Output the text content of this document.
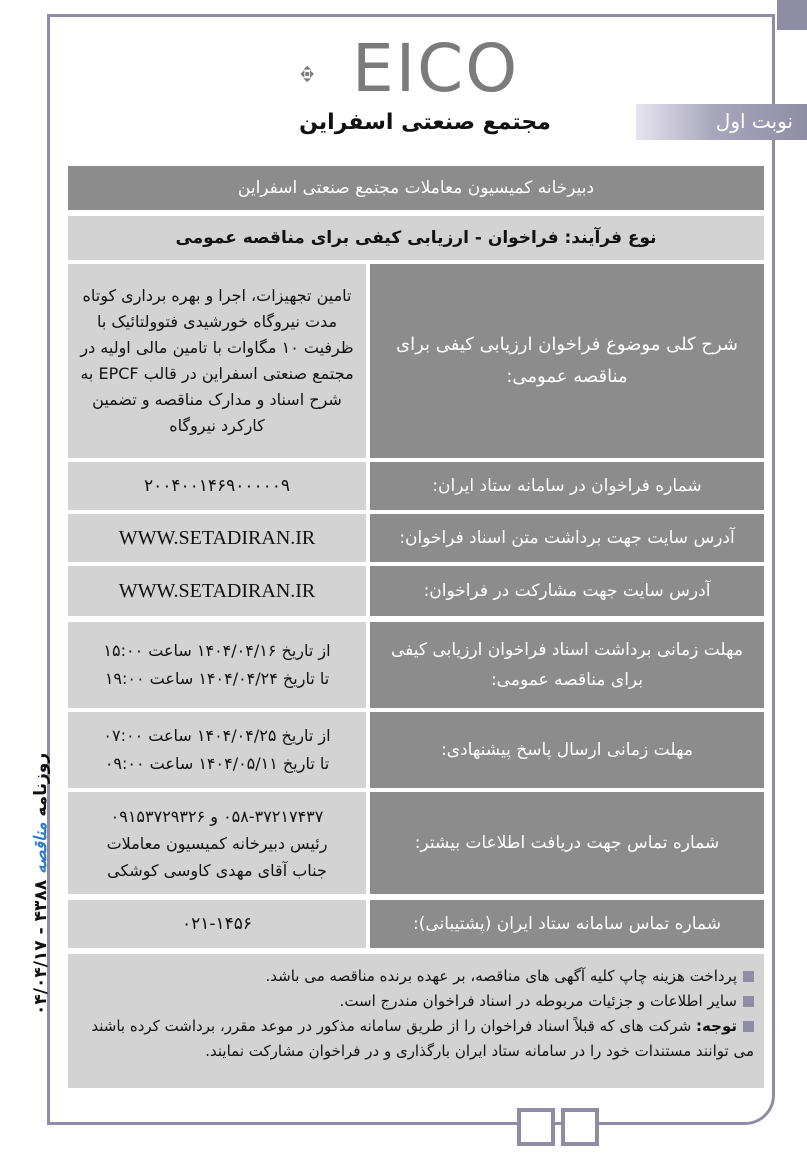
EICO
مجتمع صنعتی اسفراین	نوبت اول
دبیرخانه کمیسیون معاملات مجتمع صنعتی اسفراین
نوع فرآیند: فراخوان - ارزیابی کیفی برای مناقصه عمومی
شرح کلی موضوع فراخوان ارزیابی کیفی برای مناقصه عمومی:
تامین تجهیزات، اجرا و بهره برداری کوتاه مدت نیروگاه خورشیدی فتوولتائیک با ظرفیت ۱۰ مگاوات با تامین مالی اولیه در مجتمع صنعتی اسفراین در قالب EPCF به شرح اسناد و مدارک مناقصه و تضمین کارکرد نیروگاه
شماره فراخوان در سامانه ستاد ایران:
۲۰۰۴۰۰۱۴۶۹۰۰۰۰۰۹
آدرس سایت جهت برداشت متن اسناد فراخوان:
WWW.SETADIRAN.IR
آدرس سایت جهت مشارکت در فراخوان:
WWW.SETADIRAN.IR
مهلت زمانی برداشت اسناد فراخوان ارزیابی کیفی برای مناقصه عمومی:
از تاریخ ۱۴۰۴/۰۴/۱۶ ساعت ۱۵:۰۰
تا تاریخ ۱۴۰۴/۰۴/۲۴ ساعت ۱۹:۰۰
مهلت زمانی ارسال پاسخ پیشنهادی:
از تاریخ ۱۴۰۴/۰۴/۲۵ ساعت ۰۷:۰۰
تا تاریخ ۱۴۰۴/۰۵/۱۱ ساعت ۰۹:۰۰
شماره تماس جهت دریافت اطلاعات بیشتر:
۰۵۸-۳۷۲۱۷۴۳۷ و ۰۹۱۵۳۷۲۹۳۲۶
رئیس دبیرخانه کمیسیون معاملات
جناب آقای مهدی کاوسی کوشکی
شماره تماس سامانه ستاد ایران (پشتیبانی):
۰۲۱-۱۴۵۶
پرداخت هزینه چاپ کلیه آگهی های مناقصه، بر عهده برنده مناقصه می باشد.
سایر اطلاعات و جزئیات مربوطه در اسناد فراخوان مندرج است.
توجه: شرکت های که قبلاً اسناد فراخوان را از طریق سامانه مذکور در موعد مقرر، برداشت کرده باشند می توانند مستندات خود را در سامانه ستاد ایران بارگذاری و در فراخوان مشارکت نمایند.
روزنامه مناقصه ۴۳۸۸ - ۰۴/۰۴/۱۷
